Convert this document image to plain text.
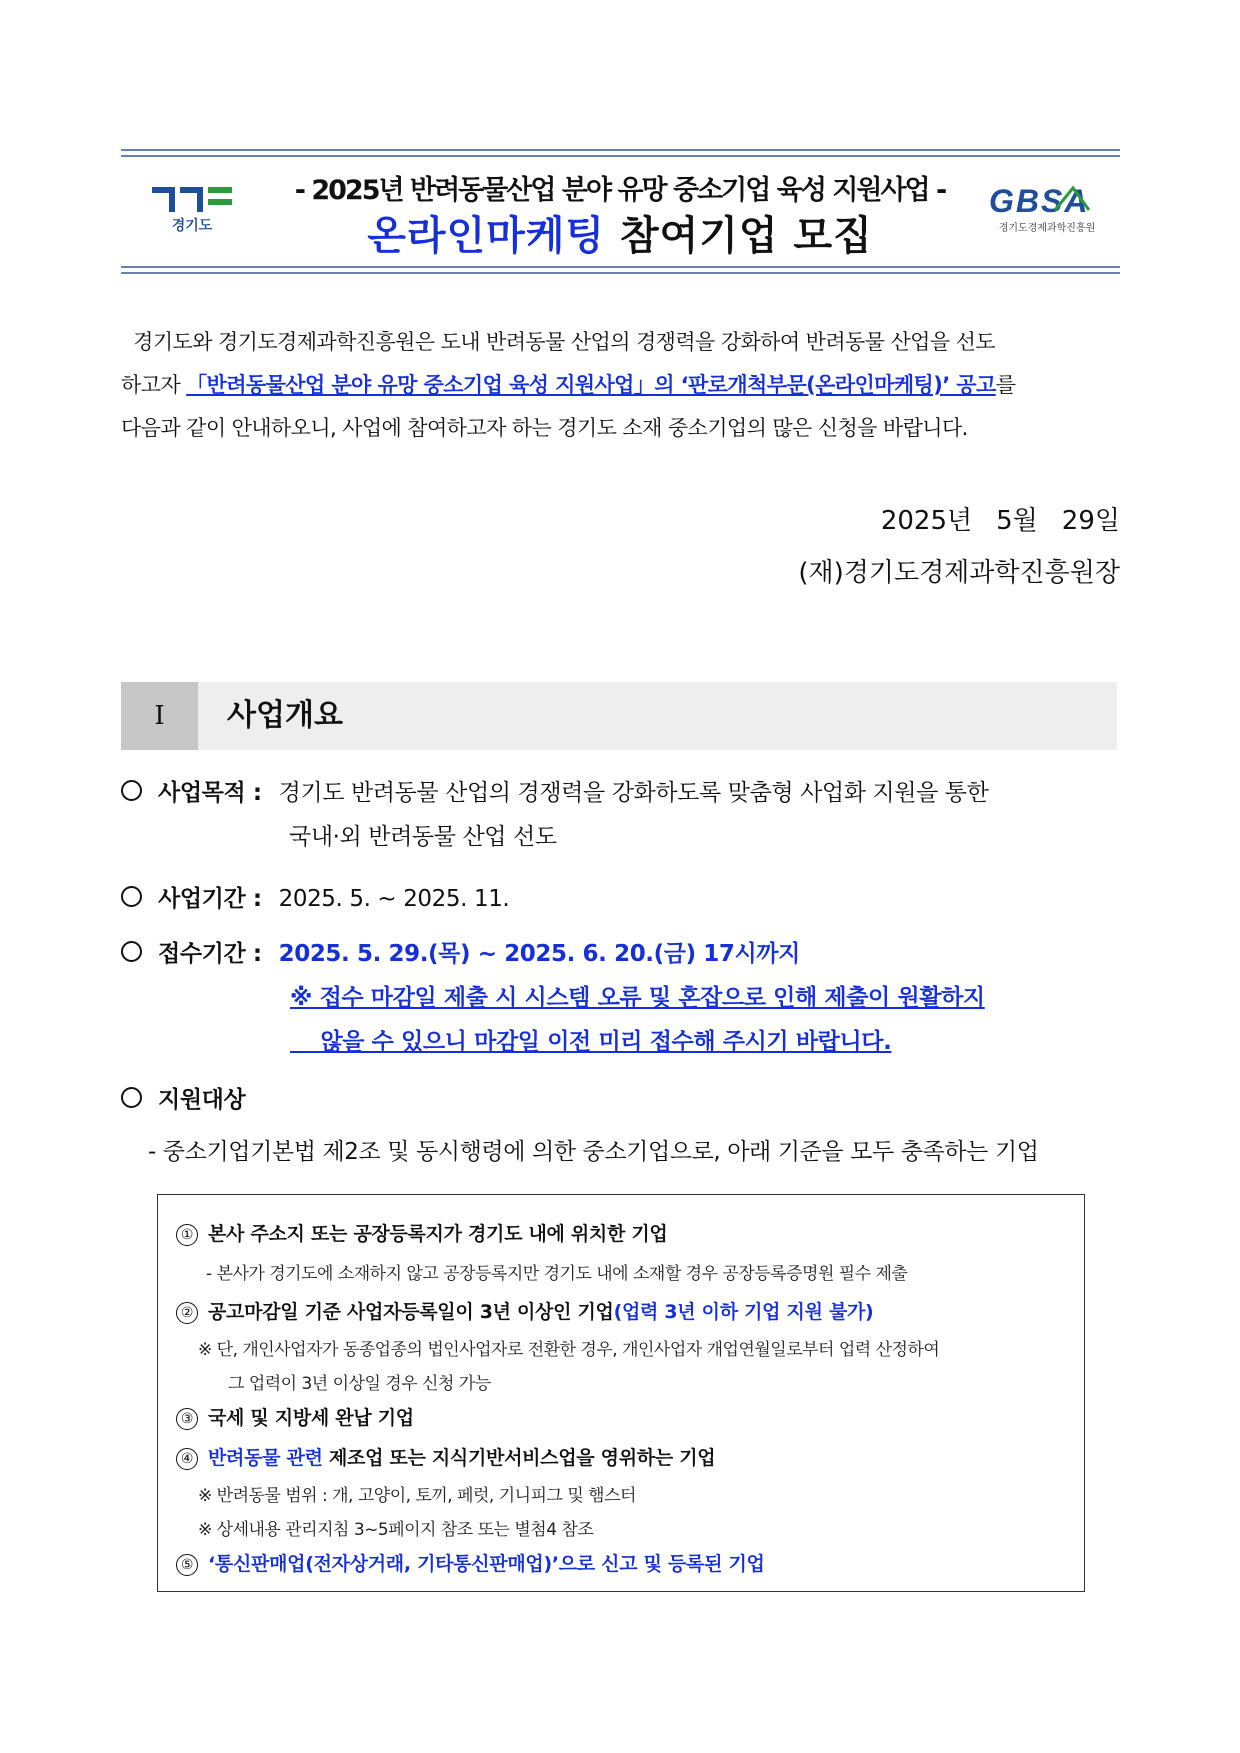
경기도
GBSA
경기도경제과학진흥원
- 2025년 반려동물산업 분야 유망 중소기업 육성 지원사업 -
온라인마케팅 참여기업 모집
경기도와 경기도경제과학진흥원은 도내 반려동물 산업의 경쟁력을 강화하여 반려동물 산업을 선도
하고자 「반려동물산업 분야 유망 중소기업 육성 지원사업」의 ‘판로개척부문(온라인마케팅)’ 공고를
다음과 같이 안내하오니, 사업에 참여하고자 하는 경기도 소재 중소기업의 많은 신청을 바랍니다.
2025년 5월 29일
(재)경기도경제과학진흥원장
Ⅰ	사업개요
사업목적 : 경기도 반려동물 산업의 경쟁력을 강화하도록 맞춤형 사업화 지원을 통한
국내·외 반려동물 산업 선도
사업기간 : 2025. 5. ~ 2025. 11.
접수기간 : 2025. 5. 29.(목) ~ 2025. 6. 20.(금) 17시까지
※ 접수 마감일 제출 시 시스템 오류 및 혼잡으로 인해 제출이 원활하지
않을 수 있으니 마감일 이전 미리 접수해 주시기 바랍니다.
지원대상
- 중소기업기본법 제2조 및 동시행령에 의한 중소기업으로, 아래 기준을 모두 충족하는 기업
① 본사 주소지 또는 공장등록지가 경기도 내에 위치한 기업
- 본사가 경기도에 소재하지 않고 공장등록지만 경기도 내에 소재할 경우 공장등록증명원 필수 제출
② 공고마감일 기준 사업자등록일이 3년 이상인 기업(업력 3년 이하 기업 지원 불가)
※ 단, 개인사업자가 동종업종의 법인사업자로 전환한 경우, 개인사업자 개업연월일로부터 업력 산정하여
그 업력이 3년 이상일 경우 신청 가능
③ 국세 및 지방세 완납 기업
④ 반려동물 관련 제조업 또는 지식기반서비스업을 영위하는 기업
※ 반려동물 범위 : 개, 고양이, 토끼, 페럿, 기니피그 및 햄스터
※ 상세내용 관리지침 3~5페이지 참조 또는 별첨4 참조
⑤ ‘통신판매업(전자상거래, 기타통신판매업)’으로 신고 및 등록된 기업
